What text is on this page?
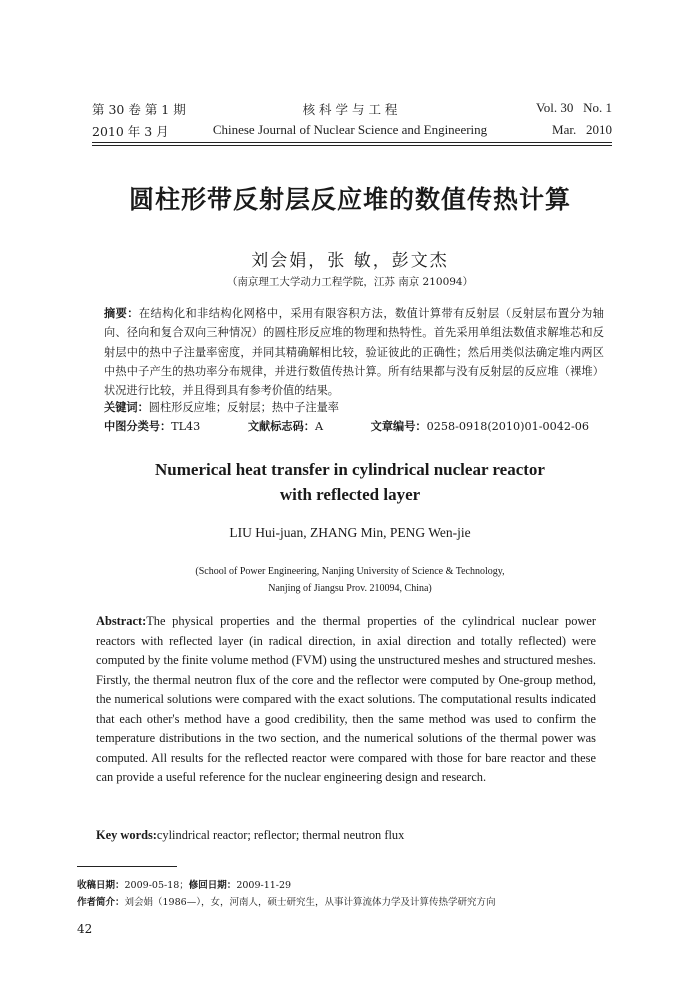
第 30 卷 第 1 期
2010 年 3 月
核 科 学 与 工 程
Chinese Journal of Nuclear Science and Engineering
Vol. 30   No. 1
Mar.   2010
圆柱形带反射层反应堆的数值传热计算
刘会娟，张 敏，彭文杰
（南京理工大学动力工程学院，江苏 南京 210094）
摘要：在结构化和非结构化网格中，采用有限容积方法，数值计算带有反射层（反射层布置分为轴向、径向和复合双向三种情况）的圆柱形反应堆的物理和热特性。首先采用单组法数值求解堆芯和反射层中的热中子注量率密度，并同其精确解相比较，验证彼此的正确性；然后用类似法确定堆内两区中热中子产生的热功率分布规律，并进行数值传热计算。所有结果都与没有反射层的反应堆（裸堆）状况进行比较，并且得到具有参考价值的结果。
关键词：圆柱形反应堆；反射层；热中子注量率
中图分类号：TL43	文献标志码：A	文章编号：0258-0918(2010)01-0042-06
Numerical heat transfer in cylindrical nuclear reactor
with reflected layer
LIU Hui-juan, ZHANG Min, PENG Wen-jie
(School of Power Engineering, Nanjing University of Science & Technology,
Nanjing of Jiangsu Prov. 210094, China)
Abstract:The physical properties and the thermal properties of the cylindrical nuclear power reactors with reflected layer (in radical direction, in axial direction and totally reflected) were computed by the finite volume method (FVM) using the unstructured meshes and structured meshes. Firstly, the thermal neutron flux of the core and the reflector were computed by One-group method, the numerical solutions were compared with the exact solutions. The computational results indicated that each other's method have a good credibility, then the same method was used to confirm the temperature distributions in the two section, and the numerical solutions of the thermal power was computed. All results for the reflected reactor were compared with those for bare reactor and these can provide a useful reference for the nuclear engineering design and research.
Key words:cylindrical reactor; reflector; thermal neutron flux
收稿日期：2009-05-18；修回日期：2009-11-29
作者简介：刘会娟（1986—），女，河南人，硕士研究生，从事计算流体力学及计算传热学研究方向
42
